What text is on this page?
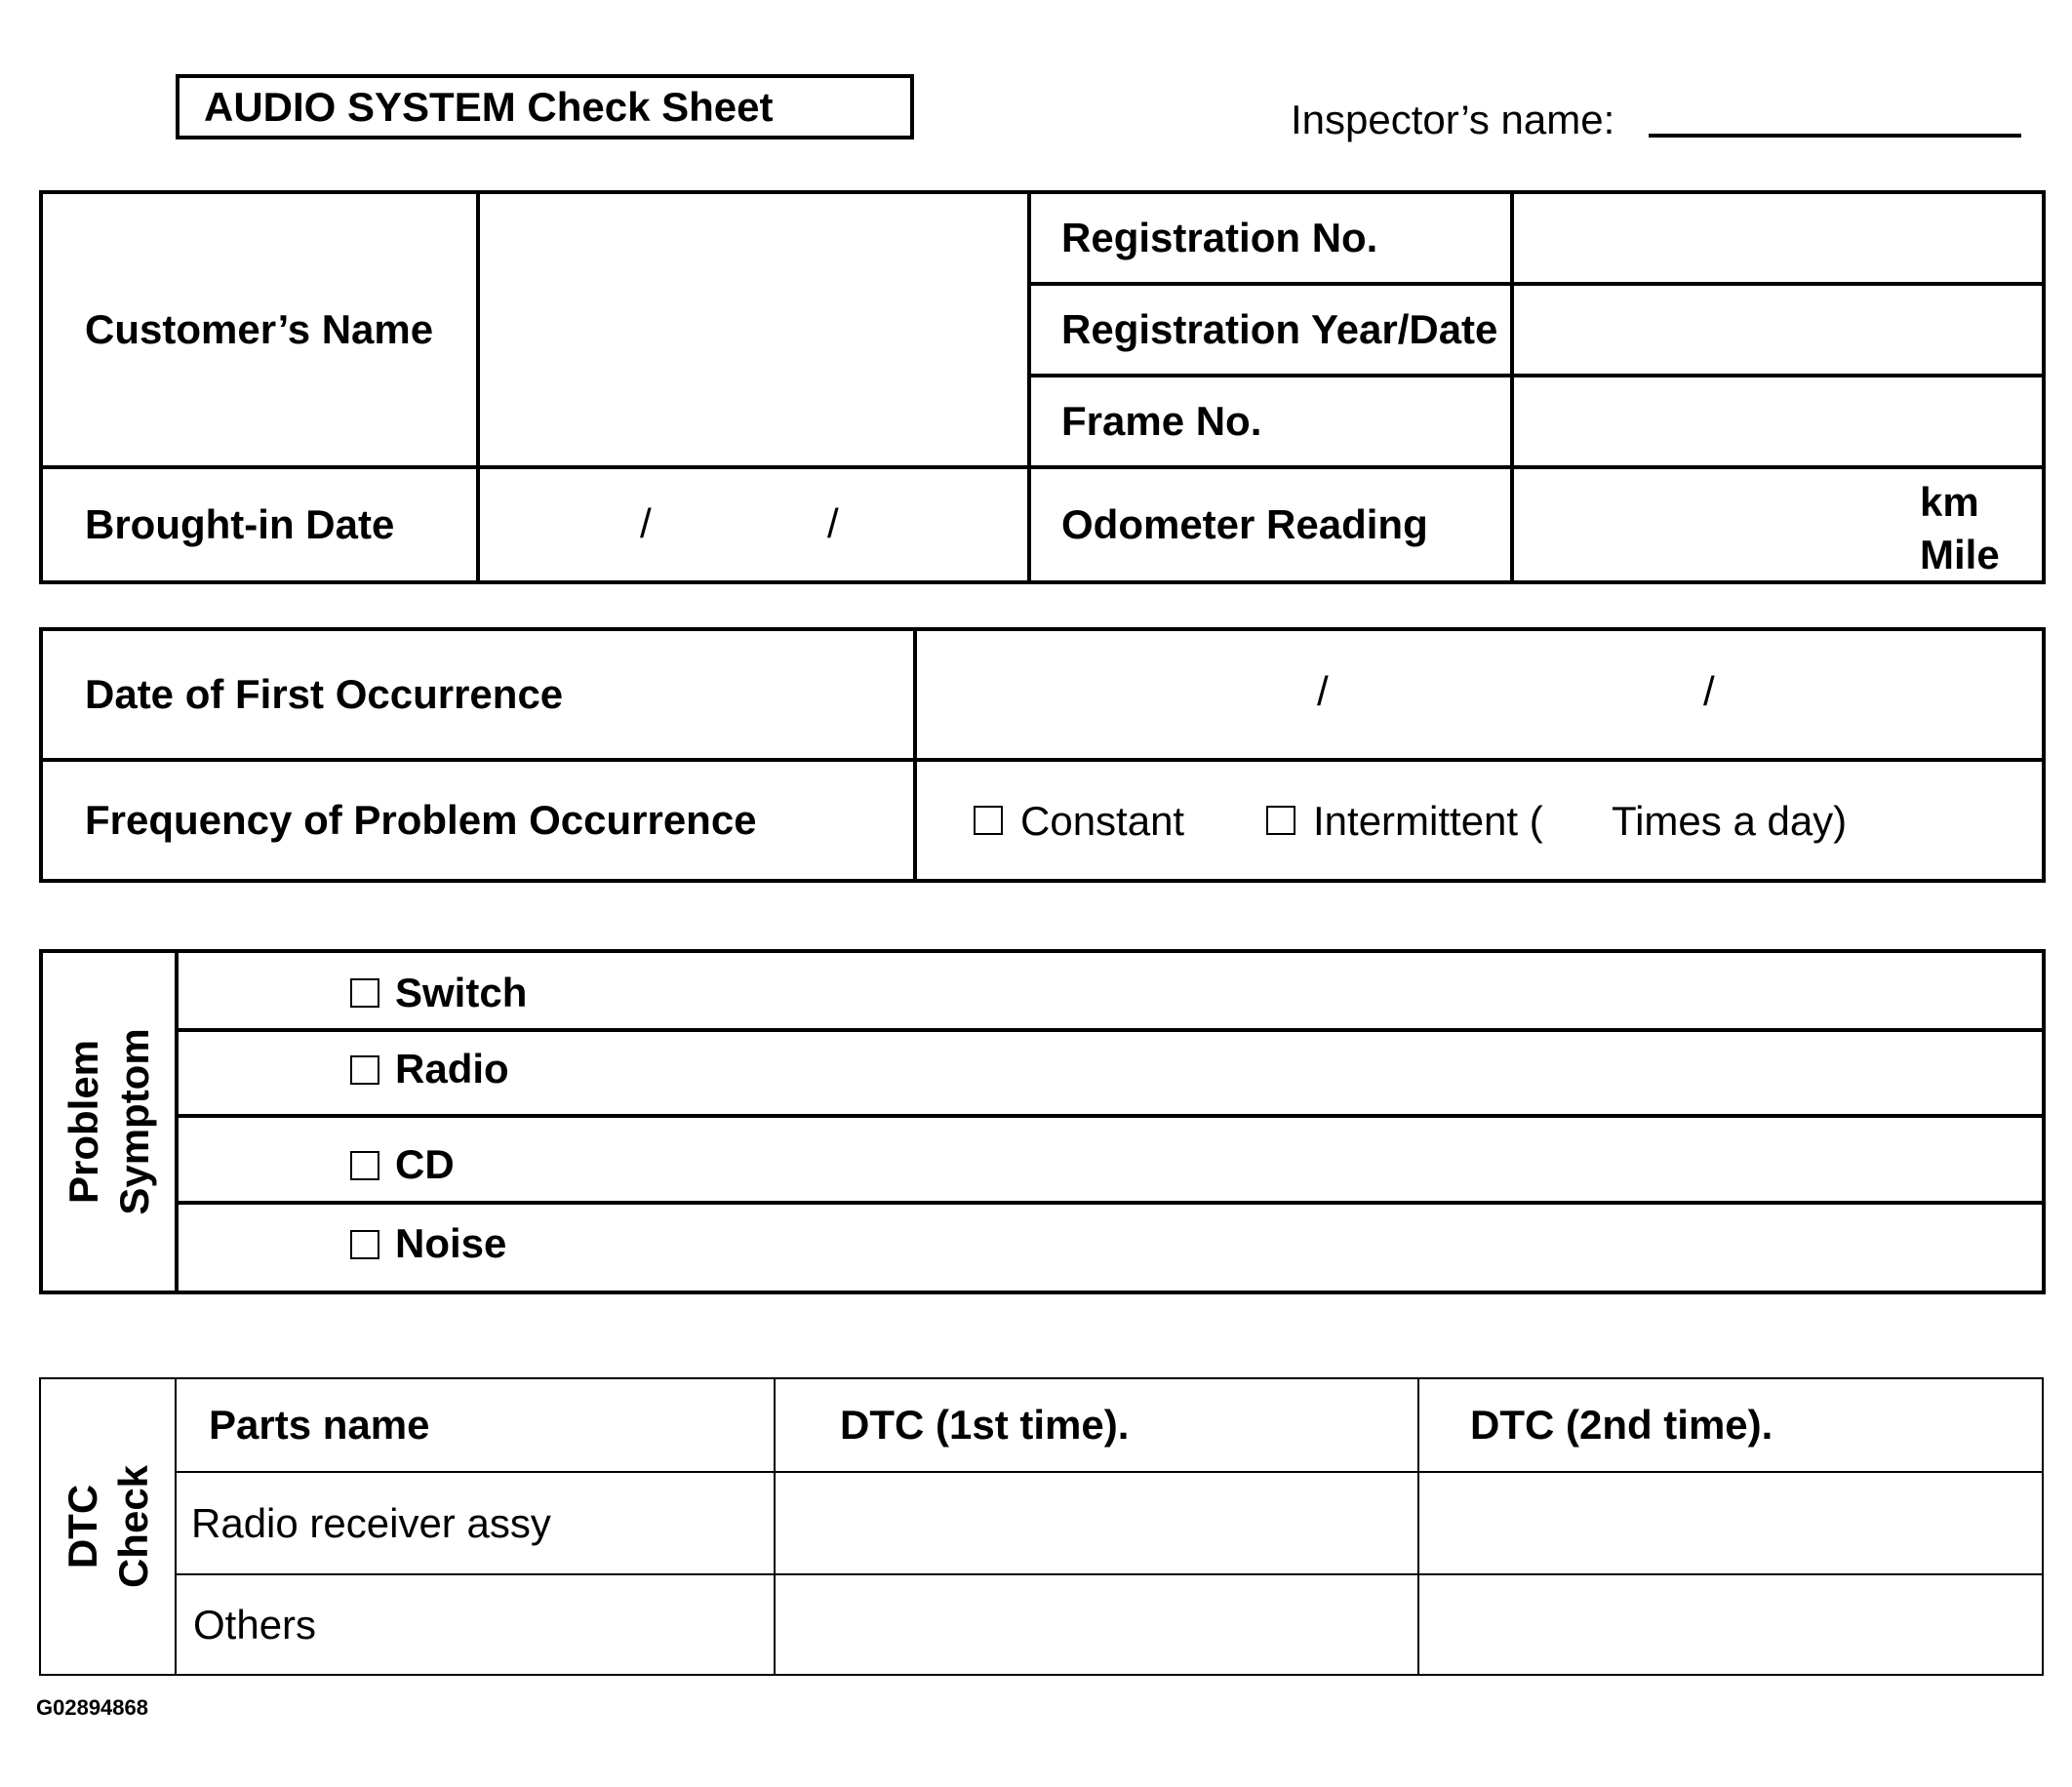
AUDIO SYSTEM Check Sheet	Inspector’s name:
Customer’s Name		Registration No.	
		Registration Year/Date	
		Frame No.	
Brought-in Date	/ /	Odometer Reading	km
Mile
Date of First Occurrence	/ /

Frequency of Problem Occurrence	Constant Intermittent ( Times a day)
Problem Symptom

Switch

Radio

CD

Noise
DTC Check	Parts name	DTC (1st time).	DTC (2nd time).
	Radio receiver assy		
	Others		
G02894868
